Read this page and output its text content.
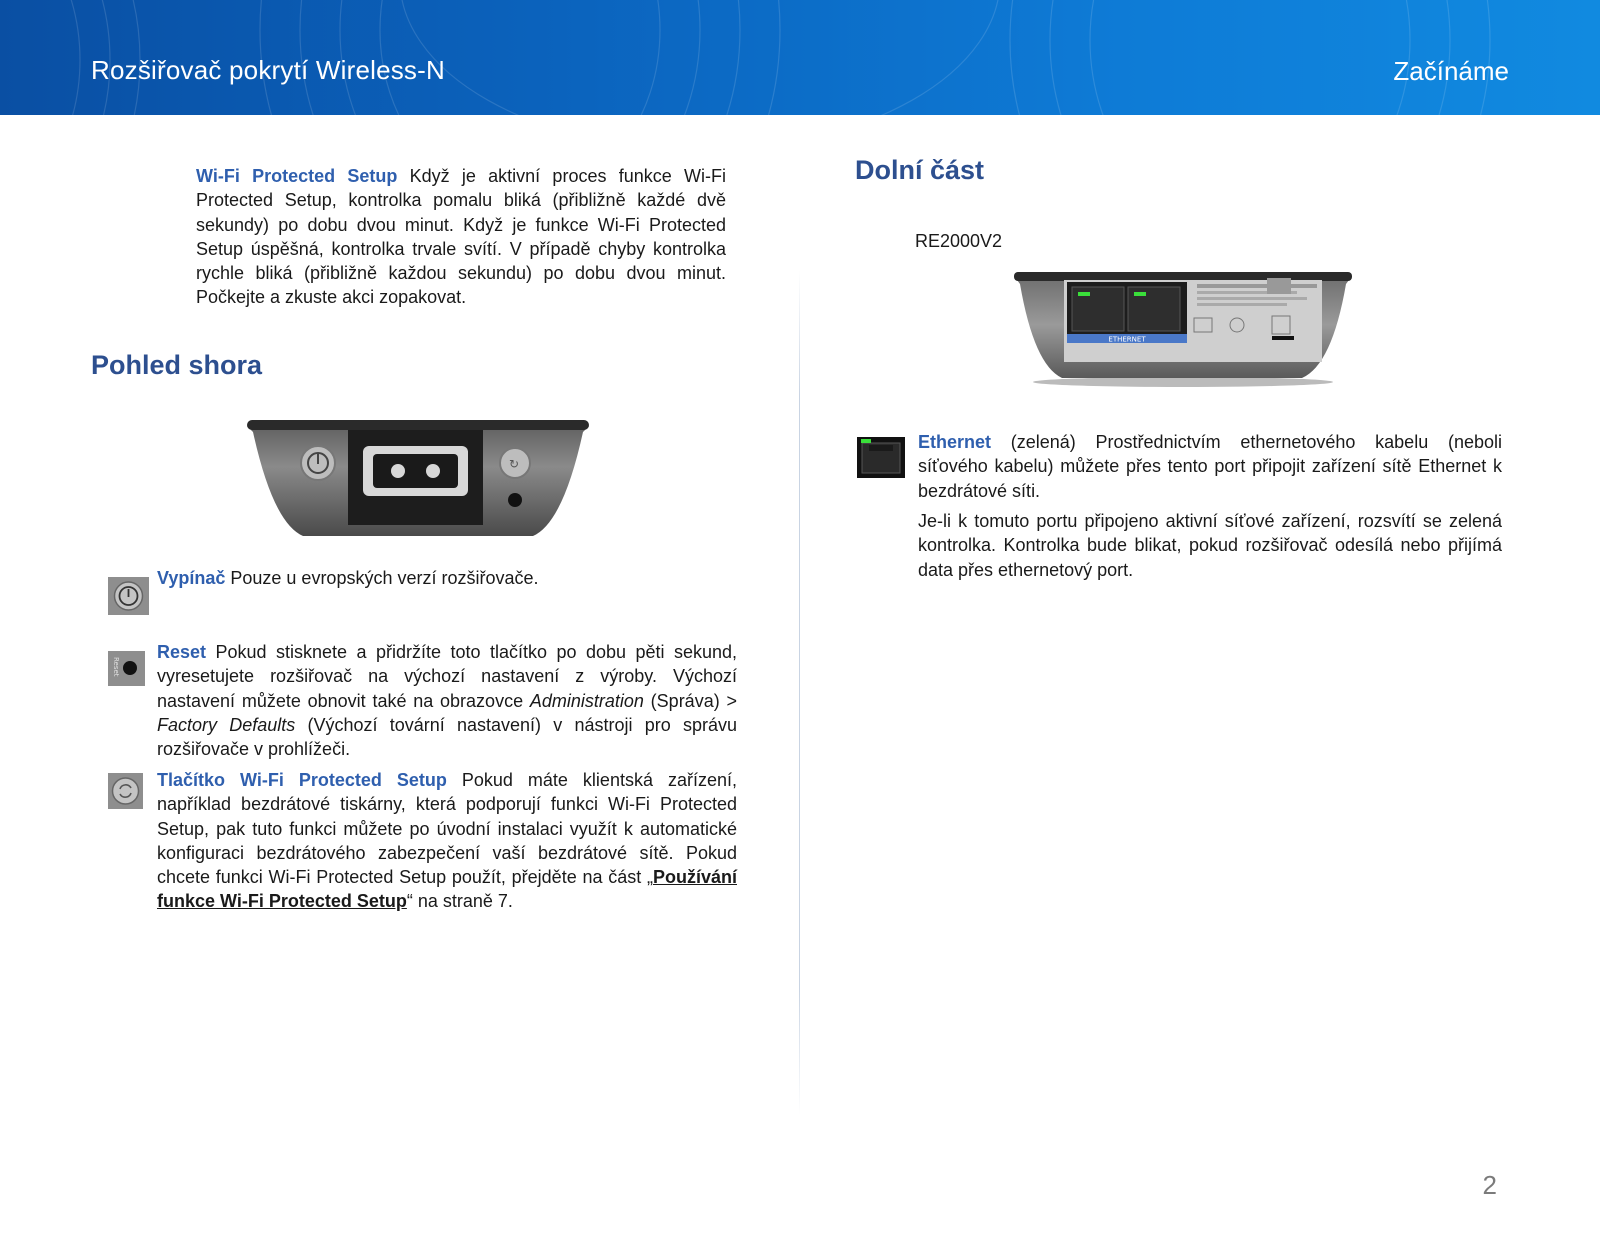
Rozšiřovač pokrytí Wireless-N	Začínáme

Wi-Fi Protected Setup Když je aktivní proces funkce Wi-Fi Protected Setup, kontrolka pomalu bliká (přibližně každé dvě sekundy) po dobu dvou minut. Když je funkce Wi-Fi Protected Setup úspěšná, kontrolka trvale svítí. V případě chyby kontrolka rychle bliká (přibližně každou sekundu) po dobu dvou minut. Počkejte a zkuste akci zopakovat.

Pohled shora
↻

Vypínač Pouze u evropských verzí rozšiřovače.

Reset

Reset Pokud stisknete a přidržíte toto tlačítko po dobu pěti sekund, vyresetujete rozšiřovač na výchozí nastavení z výroby. Výchozí nastavení můžete obnovit také na obrazovce Administration (Správa) > Factory Defaults (Výchozí tovární nastavení) v nástroji pro správu rozšiřovače v prohlížeči.

Tlačítko Wi-Fi Protected Setup Pokud máte klientská zařízení, například bezdrátové tiskárny, která podporují funkci Wi-Fi Protected Setup, pak tuto funkci můžete po úvodní instalaci využít k automatické konfiguraci bezdrátového zabezpečení vaší bezdrátové sítě. Pokud chcete funkci Wi-Fi Protected Setup použít, přejděte na část „Používání funkce Wi-Fi Protected Setup“ na straně 7.

Dolní část
RE2000V2
ETHERNET

Ethernet (zelená) Prostřednictvím ethernetového kabelu (neboli síťového kabelu) můžete přes tento port připojit zařízení sítě Ethernet k bezdrátové síti.

Je-li k tomuto portu připojeno aktivní síťové zařízení, rozsvítí se zelená kontrolka. Kontrolka bude blikat, pokud rozšiřovač odesílá nebo přijímá data přes ethernetový port.

2
